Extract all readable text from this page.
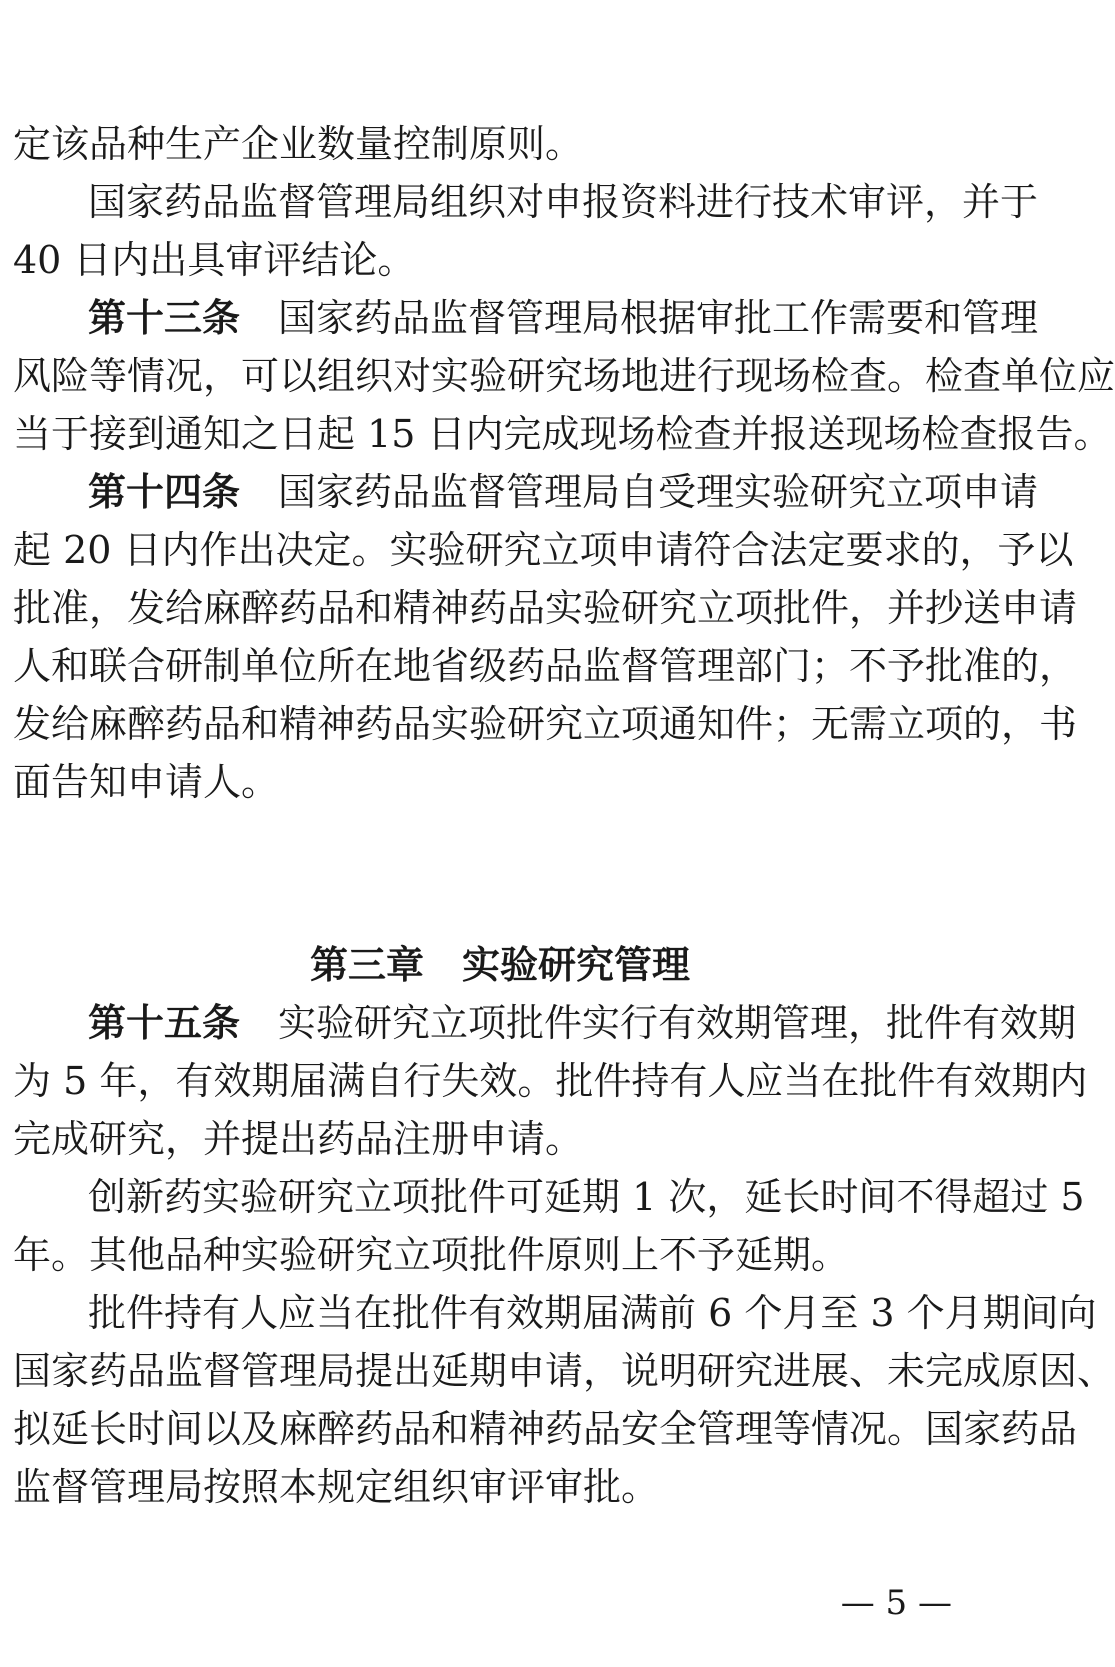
定该品种生产企业数量控制原则。
国家药品监督管理局组织对申报资料进行技术审评，并于
40 日内出具审评结论。
第十三条 国家药品监督管理局根据审批工作需要和管理
风险等情况，可以组织对实验研究场地进行现场检查。检查单位应
当于接到通知之日起 15 日内完成现场检查并报送现场检查报告。
第十四条 国家药品监督管理局自受理实验研究立项申请
起 20 日内作出决定。实验研究立项申请符合法定要求的，予以
批准，发给麻醉药品和精神药品实验研究立项批件，并抄送申请
人和联合研制单位所在地省级药品监督管理部门；不予批准的，
发给麻醉药品和精神药品实验研究立项通知件；无需立项的，书
面告知申请人。
第三章　实验研究管理
第十五条 实验研究立项批件实行有效期管理，批件有效期
为 5 年，有效期届满自行失效。批件持有人应当在批件有效期内
完成研究，并提出药品注册申请。
创新药实验研究立项批件可延期 1 次，延长时间不得超过 5
年。其他品种实验研究立项批件原则上不予延期。
批件持有人应当在批件有效期届满前 6 个月至 3 个月期间向
国家药品监督管理局提出延期申请，说明研究进展、未完成原因、
拟延长时间以及麻醉药品和精神药品安全管理等情况。国家药品
监督管理局按照本规定组织审评审批。
— 5 —
